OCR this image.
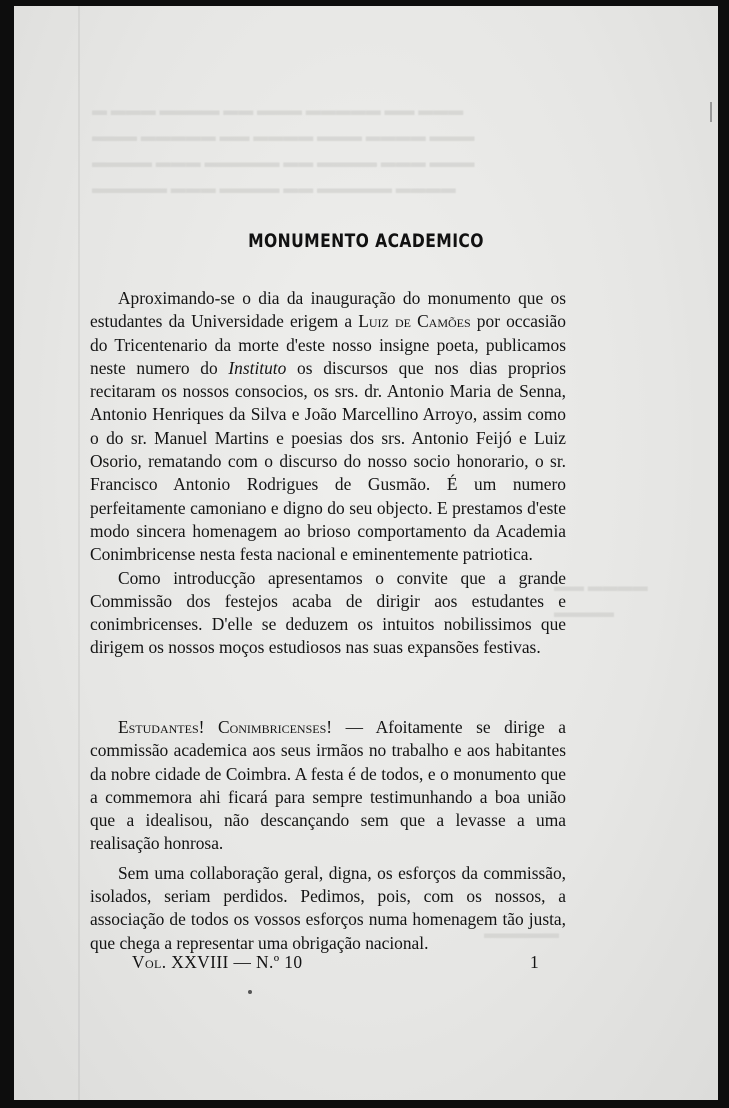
▬ ▬▬▬ ▬▬▬▬ ▬▬ ▬▬▬ ▬▬▬▬▬ ▬▬ ▬▬▬
▬▬▬ ▬▬▬▬▬ ▬▬ ▬▬▬▬ ▬▬▬ ▬▬▬▬ ▬▬▬
▬▬▬▬ ▬▬▬ ▬▬▬▬▬ ▬▬ ▬▬▬▬ ▬▬▬ ▬▬▬
▬▬▬▬▬ ▬▬▬ ▬▬▬▬ ▬▬ ▬▬▬▬▬ ▬▬▬▬
▬▬ ▬▬▬▬
▬▬▬▬
▬▬▬▬▬
MONUMENTO ACADEMICO

Aproximando-se o dia da inauguração do monumento que os estudantes da Universidade erigem a Luiz de Camões por occasião do Tricentenario da morte d'este nosso insigne poeta, publicamos neste numero do Instituto os discursos que nos dias proprios recitaram os nossos consocios, os srs. dr. Antonio Maria de Senna, Antonio Henriques da Silva e João Marcellino Arroyo, assim como o do sr. Manuel Martins e poesias dos srs. Antonio Feijó e Luiz Osorio, rematando com o discurso do nosso socio honorario, o sr. Francisco Antonio Rodrigues de Gusmão. É um numero perfeitamente camoniano e digno do seu objecto. E prestamos d'este modo sincera homenagem ao brioso comportamento da Academia Conimbricense nesta festa nacional e eminentemente patriotica.

Como introducção apresentamos o convite que a grande Commissão dos festejos acaba de dirigir aos estudantes e conimbricenses. D'elle se deduzem os intuitos nobilissimos que dirigem os nossos moços estudiosos nas suas expansões festivas.

Estudantes! Conimbricenses! — Afoitamente se dirige a commissão academica aos seus irmãos no trabalho e aos habitantes da nobre cidade de Coimbra. A festa é de todos, e o monumento que a commemora ahi ficará para sempre testimunhando a boa união que a idealisou, não descançando sem que a levasse a uma realisação honrosa.

Sem uma collaboração geral, digna, os esforços da commissão, isolados, seriam perdidos. Pedimos, pois, com os nossos, a associação de todos os vossos esforços numa homenagem tão justa, que chega a representar uma obrigação nacional.

Vol. XXVIII — N.º 10	1
